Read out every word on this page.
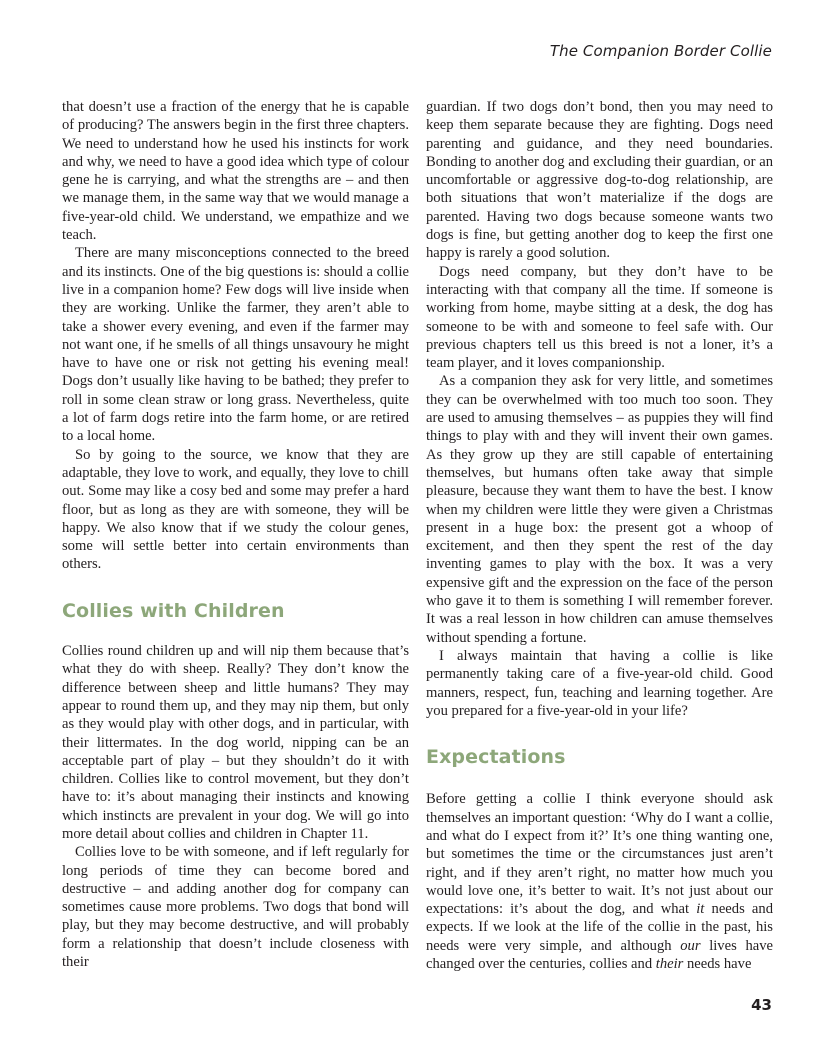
The Companion Border Collie

that doesn’t use a fraction of the energy that he is capable of producing? The answers begin in the first three chapters. We need to understand how he used his instincts for work and why, we need to have a good idea which type of colour gene he is carrying, and what the strengths are – and then we manage them, in the same way that we would manage a five-year-old child. We understand, we empathize and we teach.

There are many misconceptions connected to the breed and its instincts. One of the big questions is: should a collie live in a companion home? Few dogs will live inside when they are working. Unlike the farmer, they aren’t able to take a shower every evening, and even if the farmer may not want one, if he smells of all things unsavoury he might have to have one or risk not getting his evening meal! Dogs don’t usually like having to be bathed; they prefer to roll in some clean straw or long grass. Nevertheless, quite a lot of farm dogs retire into the farm home, or are retired to a local home.

So by going to the source, we know that they are adaptable, they love to work, and equally, they love to chill out. Some may like a cosy bed and some may prefer a hard floor, but as long as they are with someone, they will be happy. We also know that if we study the colour genes, some will settle better into certain environments than others.

Collies with Children

Collies round children up and will nip them because that’s what they do with sheep. Really? They don’t know the difference between sheep and little humans? They may appear to round them up, and they may nip them, but only as they would play with other dogs, and in particular, with their littermates. In the dog world, nipping can be an acceptable part of play – but they shouldn’t do it with children. Collies like to control movement, but they don’t have to: it’s about managing their instincts and knowing which instincts are prevalent in your dog. We will go into more detail about collies and children in Chapter 11.

Collies love to be with someone, and if left regularly for long periods of time they can become bored and destructive – and adding another dog for company can sometimes cause more problems. Two dogs that bond will play, but they may become destructive, and will probably form a relationship that doesn’t include closeness with their

guardian. If two dogs don’t bond, then you may need to keep them separate because they are fighting. Dogs need parenting and guidance, and they need boundaries. Bonding to another dog and excluding their guardian, or an uncomfortable or aggressive dog-to-dog relationship, are both situations that won’t materialize if the dogs are parented. Having two dogs because someone wants two dogs is fine, but getting another dog to keep the first one happy is rarely a good solution.

Dogs need company, but they don’t have to be interacting with that company all the time. If someone is working from home, maybe sitting at a desk, the dog has someone to be with and someone to feel safe with. Our previous chapters tell us this breed is not a loner, it’s a team player, and it loves companionship.

As a companion they ask for very little, and sometimes they can be overwhelmed with too much too soon. They are used to amusing themselves – as puppies they will find things to play with and they will invent their own games. As they grow up they are still capable of entertaining themselves, but humans often take away that simple pleasure, because they want them to have the best. I know when my children were little they were given a Christmas present in a huge box: the present got a whoop of excitement, and then they spent the rest of the day inventing games to play with the box. It was a very expensive gift and the expression on the face of the person who gave it to them is something I will remember forever. It was a real lesson in how children can amuse themselves without spending a fortune.

I always maintain that having a collie is like permanently taking care of a five-year-old child. Good manners, respect, fun, teaching and learning together. Are you prepared for a five-year-old in your life?

Expectations

Before getting a collie I think everyone should ask themselves an important question: ‘Why do I want a collie, and what do I expect from it?’ It’s one thing wanting one, but sometimes the time or the circumstances just aren’t right, and if they aren’t right, no matter how much you would love one, it’s better to wait. It’s not just about our expectations: it’s about the dog, and what it needs and expects. If we look at the life of the collie in the past, his needs were very simple, and although our lives have changed over the centuries, collies and their needs have

43
